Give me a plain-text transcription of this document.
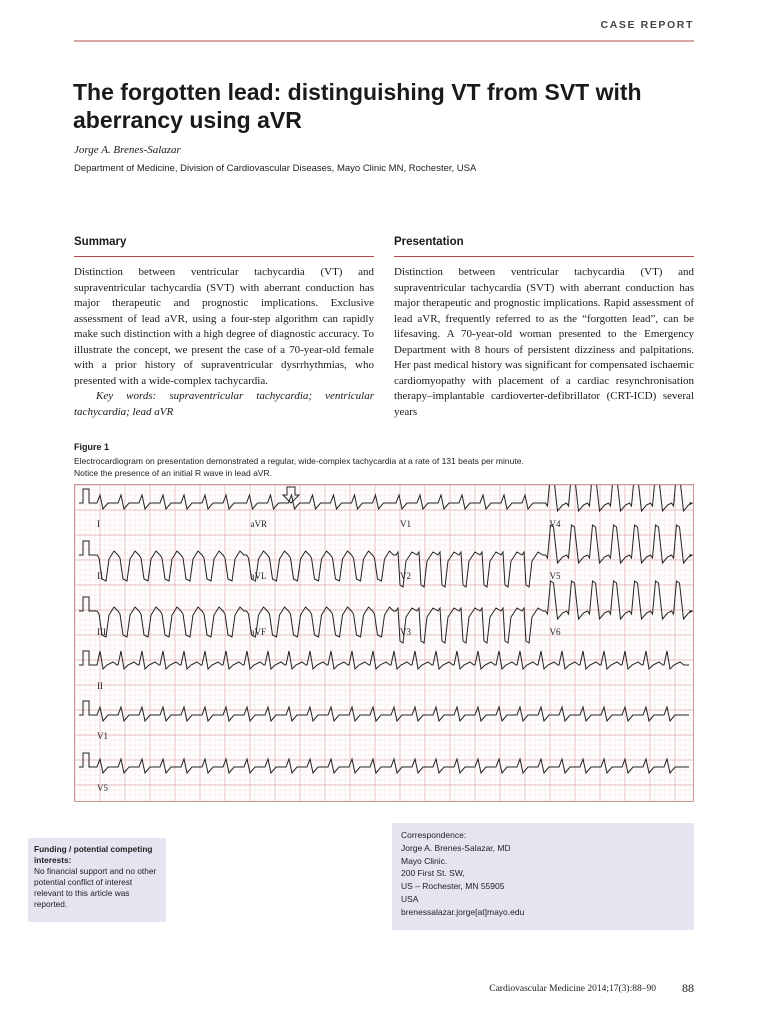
CASE REPORT
The forgotten lead: distinguishing VT from SVT with aberrancy using aVR
Jorge A. Brenes-Salazar
Department of Medicine, Division of Cardiovascular Diseases, Mayo Clinic MN, Rochester, USA
Summary

Distinction between ventricular tachycardia (VT) and supraventricular tachycardia (SVT) with aberrant conduction has major therapeutic and prognostic implications. Exclusive assessment of lead aVR, using a four-step algorithm can rapidly make such distinction with a high degree of diagnostic accuracy. To illustrate the concept, we present the case of a 70-year-old female with a prior history of supraventricular dysrrhythmias, who presented with a wide-complex tachycardia.

Key words: supraventricular tachycardia; ventricular tachycardia; lead aVR

Presentation

Distinction between ventricular tachycardia (VT) and supraventricular tachycardia (SVT) with aberrant conduction has major therapeutic and prognostic implications. Rapid assessment of lead aVR, frequently referred to as the “forgotten lead”, can be lifesaving. A 70-year-old woman presented to the Emergency Department with 8 hours of persistent dizziness and palpitations. Her past medical history was significant for compensated ischaemic cardiomyopathy with placement of a cardiac resynchronisation therapy–implantable cardioverter-defibrillator (CRT-ICD) several years

Figure 1
Electrocardiogram on presentation demonstrated a regular, wide-complex tachycardia at a rate of 131 beats per minute.
Notice the presence of an initial R wave in lead aVR.
I	aVR	V1	V4
II	aVL	V2	V5
III	aVF	V3	V6
II
V1
V5
Funding / potential competing interests:
No financial support and no other potential conflict of interest relevant to this article was reported.
Correspondence:
Jorge A. Brenes-Salazar, MD
Mayo Clinic.
200 First St. SW,
US – Rochester, MN 55905
USA
brenessalazar.jorge[at]mayo.edu
Cardiovascular Medicine 2014;17(3):88–90 88
